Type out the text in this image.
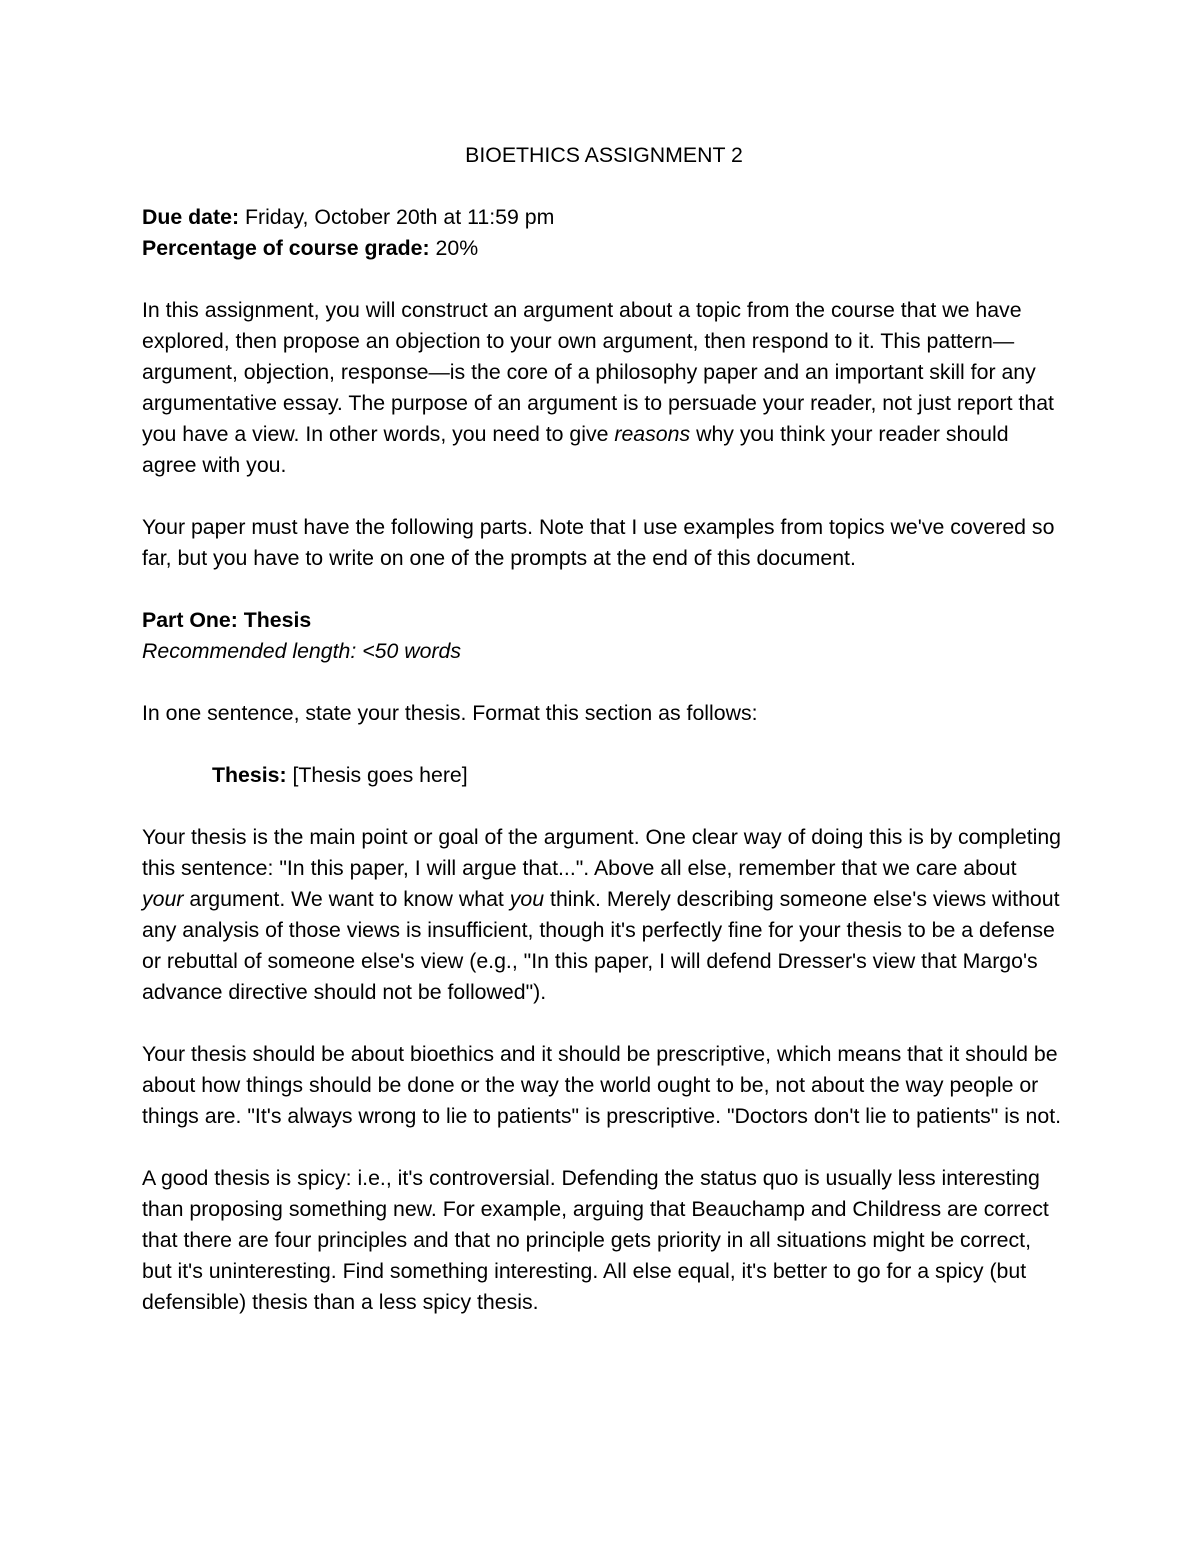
BIOETHICS ASSIGNMENT 2

Due date: Friday, October 20th at 11:59 pm

Percentage of course grade: 20%

In this assignment, you will construct an argument about a topic from the course that we have explored, then propose an objection to your own argument, then respond to it. This pattern—argument, objection, response—is the core of a philosophy paper and an important skill for any argumentative essay. The purpose of an argument is to persuade your reader, not just report that you have a view. In other words, you need to give reasons why you think your reader should agree with you.

Your paper must have the following parts. Note that I use examples from topics we've covered so far, but you have to write on one of the prompts at the end of this document.

Part One: Thesis

Recommended length: <50 words

In one sentence, state your thesis. Format this section as follows:

Thesis: [Thesis goes here]

Your thesis is the main point or goal of the argument. One clear way of doing this is by completing this sentence: "In this paper, I will argue that...". Above all else, remember that we care about your argument. We want to know what you think. Merely describing someone else's views without any analysis of those views is insufficient, though it's perfectly fine for your thesis to be a defense or rebuttal of someone else's view (e.g., "In this paper, I will defend Dresser's view that Margo's advance directive should not be followed").

Your thesis should be about bioethics and it should be prescriptive, which means that it should be about how things should be done or the way the world ought to be, not about the way people or things are. "It's always wrong to lie to patients" is prescriptive. "Doctors don't lie to patients" is not.

A good thesis is spicy: i.e., it's controversial. Defending the status quo is usually less interesting than proposing something new. For example, arguing that Beauchamp and Childress are correct that there are four principles and that no principle gets priority in all situations might be correct, but it's uninteresting. Find something interesting. All else equal, it's better to go for a spicy (but defensible) thesis than a less spicy thesis.
